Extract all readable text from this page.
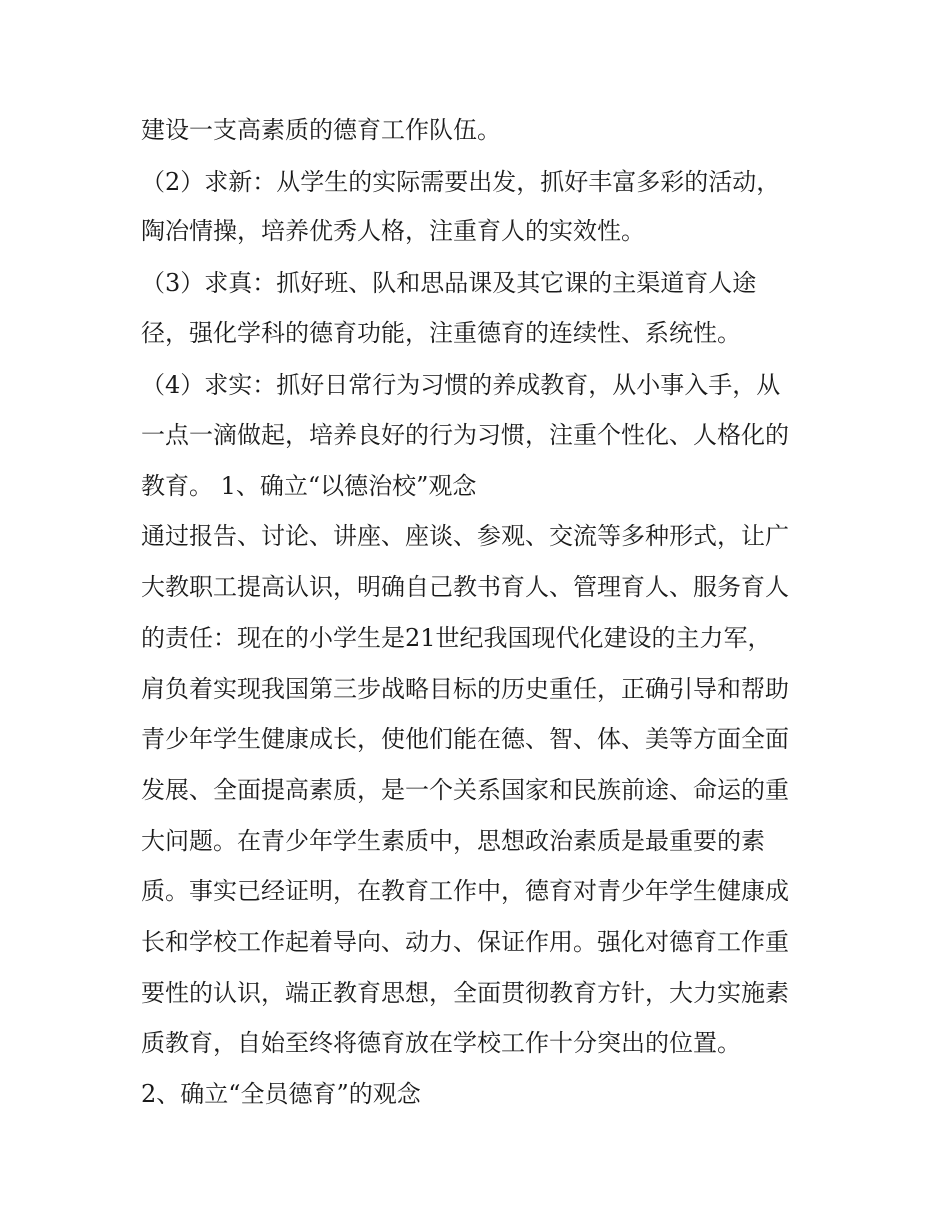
建设一支高素质的德育工作队伍。

（2）求新：从学生的实际需要出发，抓好丰富多彩的活动，

陶冶情操，培养优秀人格，注重育人的实效性。

（3）求真：抓好班、队和思品课及其它课的主渠道育人途

径，强化学科的德育功能，注重德育的连续性、系统性。

（4）求实：抓好日常行为习惯的养成教育，从小事入手，从

一点一滴做起，培养良好的行为习惯，注重个性化、人格化的

教育。 1、确立“以德治校”观念

通过报告、讨论、讲座、座谈、参观、交流等多种形式，让广

大教职工提高认识，明确自己教书育人、管理育人、服务育人

的责任：现在的小学生是21世纪我国现代化建设的主力军，

肩负着实现我国第三步战略目标的历史重任，正确引导和帮助

青少年学生健康成长，使他们能在德、智、体、美等方面全面

发展、全面提高素质，是一个关系国家和民族前途、命运的重

大问题。在青少年学生素质中，思想政治素质是最重要的素

质。事实已经证明，在教育工作中，德育对青少年学生健康成

长和学校工作起着导向、动力、保证作用。强化对德育工作重

要性的认识，端正教育思想，全面贯彻教育方针，大力实施素

质教育，自始至终将德育放在学校工作十分突出的位置。

2、确立“全员德育”的观念
